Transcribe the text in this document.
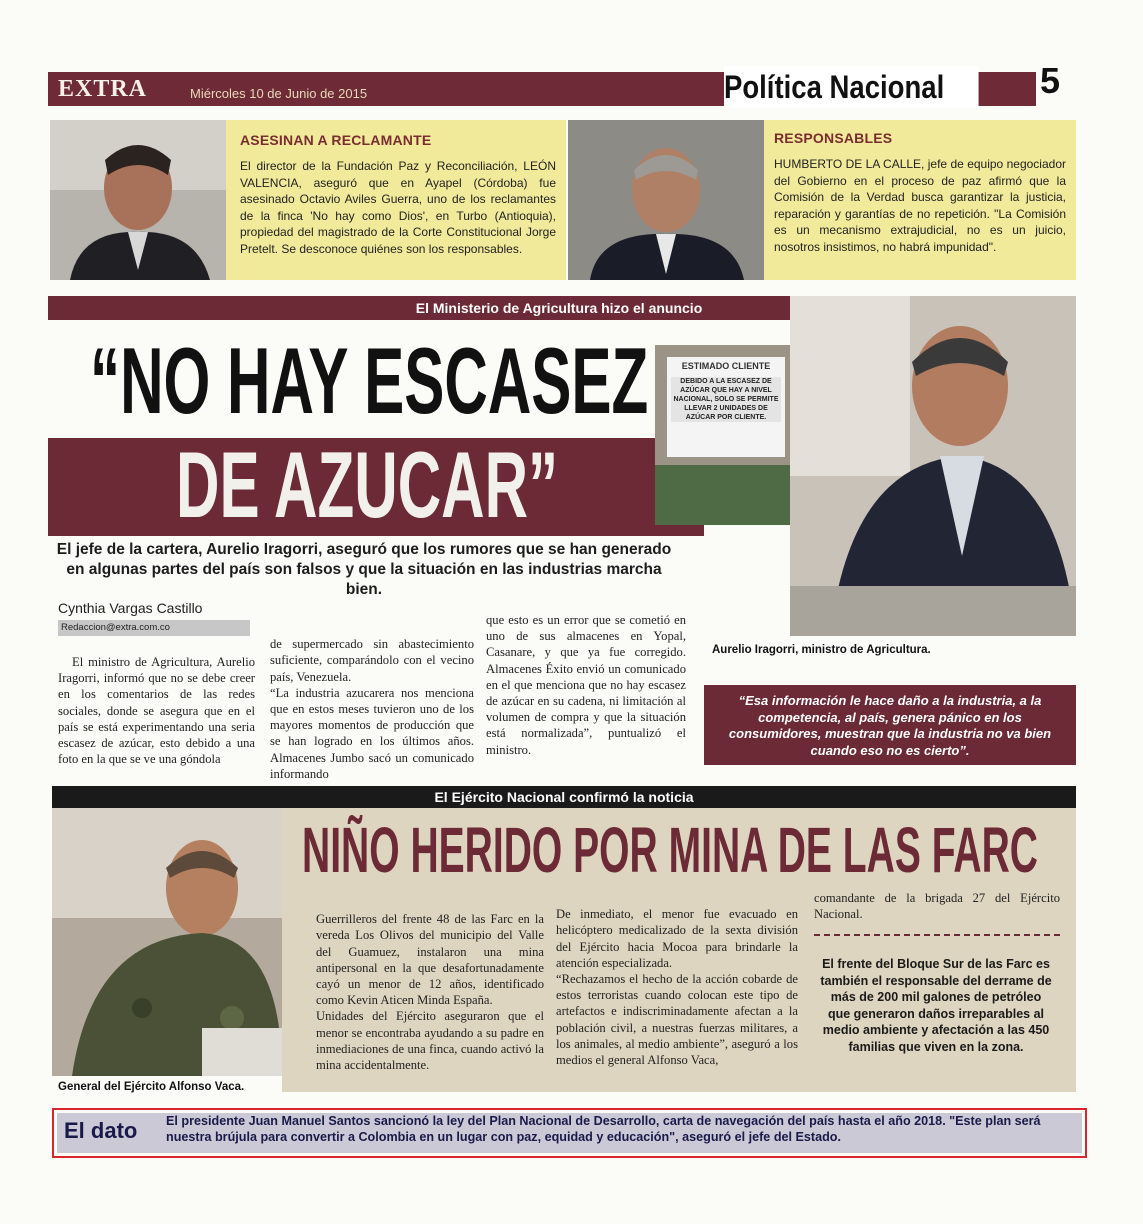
EXTRA	Miércoles 10 de Junio de 2015	Política Nacional	5
ASESINAN A RECLAMANTE

El director de la Fundación Paz y Reconciliación, LEÓN VALENCIA, aseguró que en Ayapel (Córdoba) fue asesinado Octavio Aviles Guerra, uno de los reclamantes de la finca 'No hay como Dios', en Turbo (Antioquia), propiedad del magistrado de la Corte Constitucional Jorge Pretelt. Se desconoce quiénes son los responsables.

RESPONSABLES

HUMBERTO DE LA CALLE, jefe de equipo negociador del Gobierno en el proceso de paz afirmó que la Comisión de la Verdad busca garantizar la justicia, reparación y garantías de no repetición. "La Comisión es un mecanismo extrajudicial, no es un juicio, nosotros insistimos, no habrá impunidad".

El Ministerio de Agricultura hizo el anuncio
“NO HAY ESCASEZ
DE AZUCAR”
ESTIMADO CLIENTE
DEBIDO A LA ESCASEZ DE AZÚCAR QUE HAY A NIVEL NACIONAL, SOLO SE PERMITE LLEVAR 2 UNIDADES DE AZÚCAR POR CLIENTE.
El jefe de la cartera, Aurelio Iragorri, aseguró que los rumores que se han generado en algunas partes del país son falsos y que la situación en las industrias marcha bien.
Cynthia Vargas Castillo
Redaccion@extra.com.co

El ministro de Agricultura, Aurelio Iragorri, informó que no se debe creer en los comentarios de las redes sociales, donde se asegura que en el país se está experimentando una seria escasez de azúcar, esto debido a una foto en la que se ve una góndola

de supermercado sin abastecimiento suficiente, comparándolo con el vecino país, Venezuela.
“La industria azucarera nos menciona que en estos meses tuvieron uno de los mayores momentos de producción que se han logrado en los últimos años. Almacenes Jumbo sacó un comunicado informando

que esto es un error que se cometió en uno de sus almacenes en Yopal, Casanare, y que ya fue corregido. Almacenes Éxito envió un comunicado en el que menciona que no hay escasez de azúcar en su cadena, ni limitación al volumen de compra y que la situación está normalizada”, puntualizó el ministro.

Aurelio Iragorri, ministro de Agricultura.
“Esa información le hace daño a la industria, a la competencia, al país, genera pánico en los consumidores, muestran que la industria no va bien cuando eso no es cierto”.
El Ejército Nacional confirmó la noticia
General del Ejército Alfonso Vaca.
NIÑO HERIDO POR MINA DE LAS FARC

Guerrilleros del frente 48 de las Farc en la vereda Los Olivos del municipio del Valle del Guamuez, instalaron una mina antipersonal en la que desafortunadamente cayó un menor de 12 años, identificado como Kevin Aticen Minda España.
Unidades del Ejército aseguraron que el menor se encontraba ayudando a su padre en inmediaciones de una finca, cuando activó la mina accidentalmente.

De inmediato, el menor fue evacuado en helicóptero medicalizado de la sexta división del Ejército hacia Mocoa para brindarle la atención especializada.
“Rechazamos el hecho de la acción cobarde de estos terroristas cuando colocan este tipo de artefactos e indiscriminadamente afectan a la población civil, a nuestras fuerzas militares, a los animales, al medio ambiente”, aseguró a los medios el general Alfonso Vaca,

comandante de la brigada 27 del Ejército Nacional.

El frente del Bloque Sur de las Farc es también el responsable del derrame de más de 200 mil galones de petróleo que generaron daños irreparables al medio ambiente y afectación a las 450 familias que viven en la zona.
El dato El presidente Juan Manuel Santos sancionó la ley del Plan Nacional de Desarrollo, carta de navegación del país hasta el año 2018. "Este plan será nuestra brújula para convertir a Colombia en un lugar con paz, equidad y educación", aseguró el jefe del Estado.
